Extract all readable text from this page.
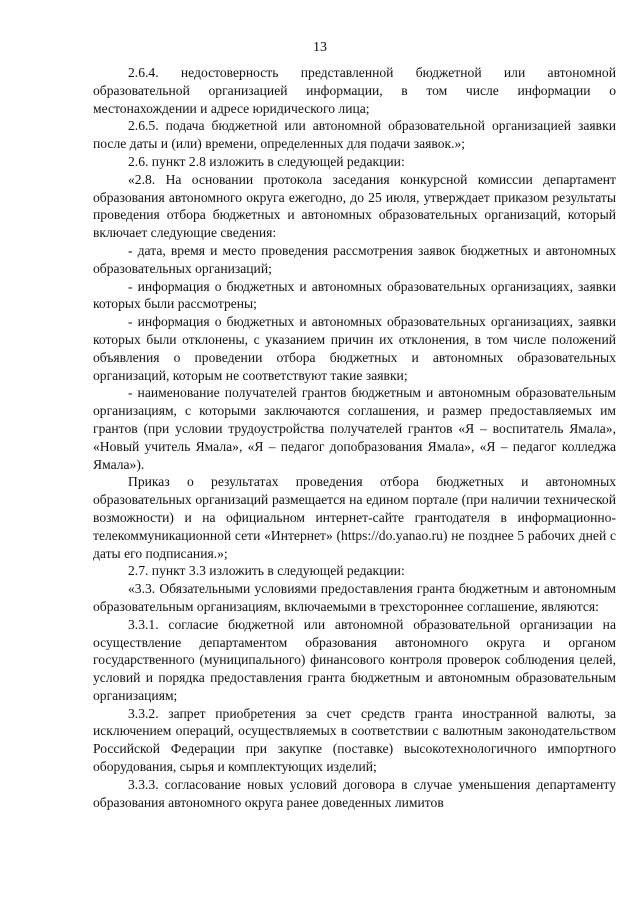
13

2.6.4. недостоверность представленной бюджетной или автономной образовательной организацией информации, в том числе информации о местонахождении и адресе юридического лица;

2.6.5. подача бюджетной или автономной образовательной организацией заявки после даты и (или) времени, определенных для подачи заявок.»;

2.6. пункт 2.8 изложить в следующей редакции:

«2.8. На основании протокола заседания конкурсной комиссии департамент образования автономного округа ежегодно, до 25 июля, утверждает приказом результаты проведения отбора бюджетных и автономных образовательных организаций, который включает следующие сведения:

- дата, время и место проведения рассмотрения заявок бюджетных и автономных образовательных организаций;

- информация о бюджетных и автономных образовательных организациях, заявки которых были рассмотрены;

- информация о бюджетных и автономных образовательных организациях, заявки которых были отклонены, с указанием причин их отклонения, в том числе положений объявления о проведении отбора бюджетных и автономных образовательных организаций, которым не соответствуют такие заявки;

- наименование получателей грантов бюджетным и автономным образовательным организациям, с которыми заключаются соглашения, и размер предоставляемых им грантов (при условии трудоустройства получателей грантов «Я – воспитатель Ямала», «Новый учитель Ямала», «Я – педагог допобразования Ямала», «Я – педагог колледжа Ямала»).

Приказ о результатах проведения отбора бюджетных и автономных образовательных организаций размещается на едином портале (при наличии технической возможности) и на официальном интернет-сайте грантодателя в информационно-телекоммуникационной сети «Интернет» (https://do.yanao.ru) не позднее 5 рабочих дней с даты его подписания.»;

2.7. пункт 3.3 изложить в следующей редакции:

«3.3. Обязательными условиями предоставления гранта бюджетным и автономным образовательным организациям, включаемыми в трехстороннее соглашение, являются:

3.3.1. согласие бюджетной или автономной образовательной организации на осуществление департаментом образования автономного округа и органом государственного (муниципального) финансового контроля проверок соблюдения целей, условий и порядка предоставления гранта бюджетным и автономным образовательным организациям;

3.3.2. запрет приобретения за счет средств гранта иностранной валюты, за исключением операций, осуществляемых в соответствии с валютным законодательством Российской Федерации при закупке (поставке) высокотехнологичного импортного оборудования, сырья и комплектующих изделий;

3.3.3. согласование новых условий договора в случае уменьшения департаменту образования автономного округа ранее доведенных лимитов
